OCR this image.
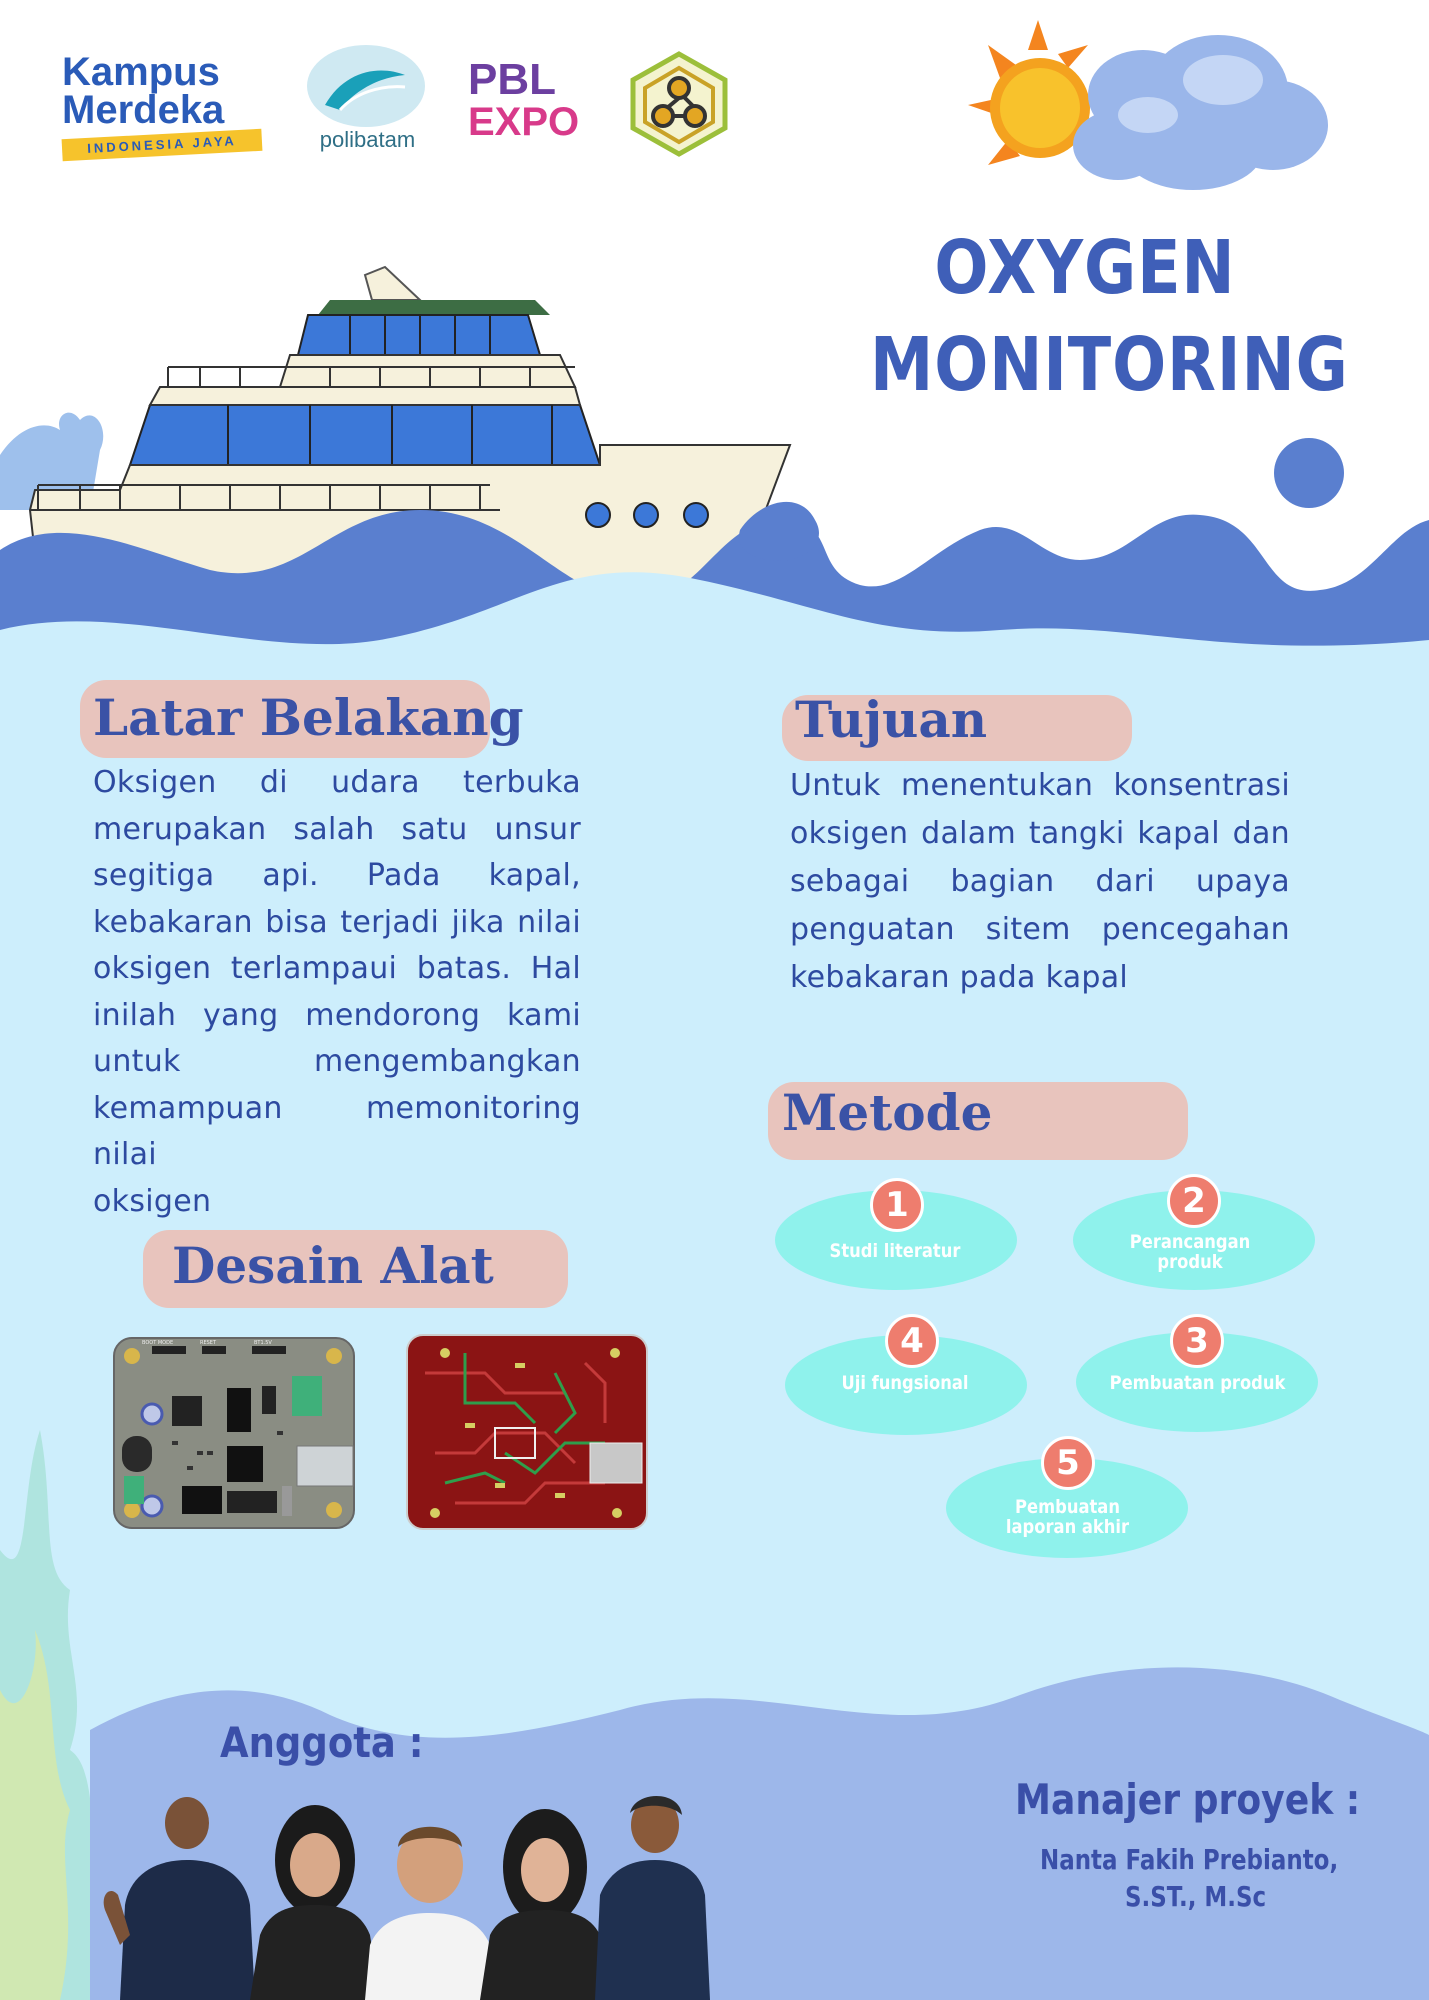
Kampus
Merdeka
INDONESIA JAYA	polibatam
PBL
EXPO
OXYGEN
MONITORING
Latar Belakang
Oksigen di udara terbuka
merupakan salah satu unsur
segitiga api. Pada kapal,
kebakaran bisa terjadi jika nilai
oksigen terlampaui batas. Hal
inilah yang mendorong kami
untuk mengembangkan
kemampuan memonitoring nilai
oksigen
Tujuan
Untuk menentukan konsentrasi
oksigen dalam tangki kapal dan
sebagai bagian dari upaya
penguatan sitem pencegahan
kebakaran pada kapal
Metode
1
Studi literatur
2
Perancangan produk
4
Uji fungsional
3
Pembuatan produk
5
Pembuatan laporan akhir
Desain Alat
BOOT MODE	RESET	BT1.5V
Anggota :
Manajer proyek :
Nanta Fakih Prebianto,
S.ST., M.Sc
